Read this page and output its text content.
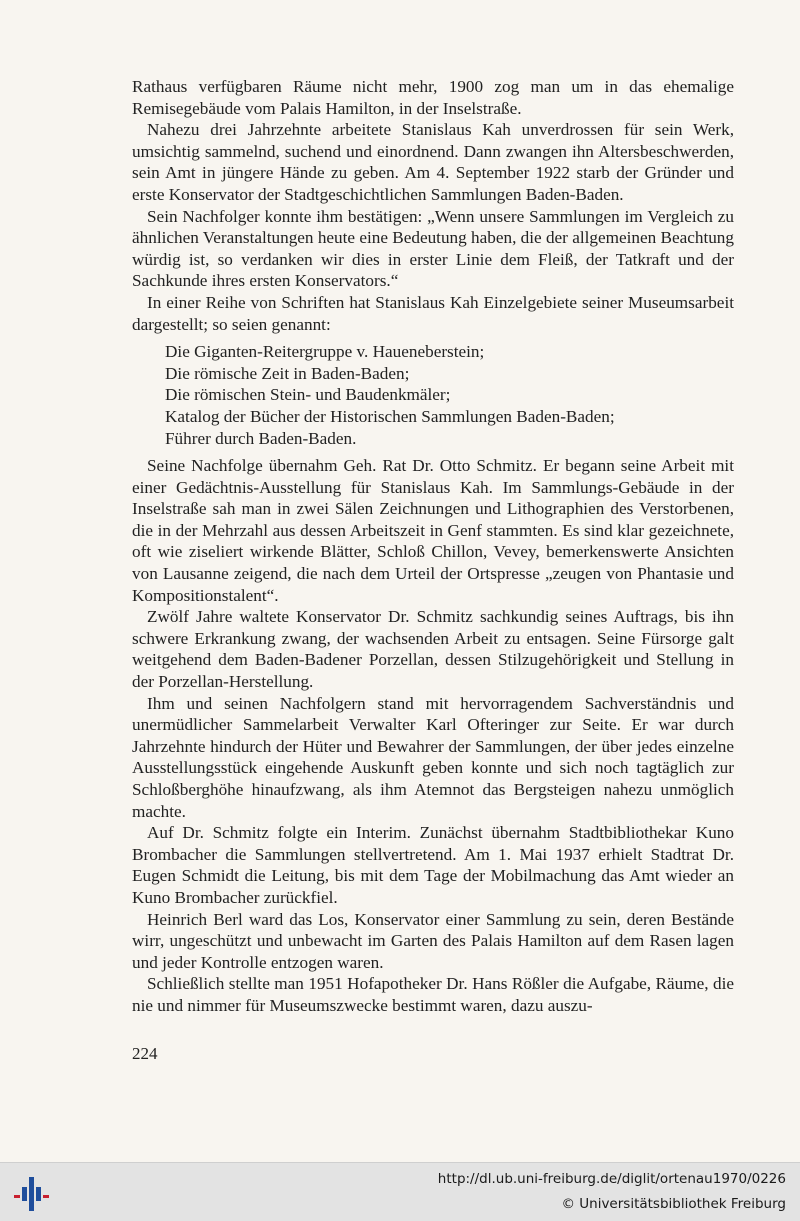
Rathaus verfügbaren Räume nicht mehr, 1900 zog man um in das ehemalige Remisegebäude vom Palais Hamilton, in der Inselstraße.

Nahezu drei Jahrzehnte arbeitete Stanislaus Kah unverdrossen für sein Werk, umsichtig sammelnd, suchend und einordnend. Dann zwangen ihn Altersbeschwerden, sein Amt in jüngere Hände zu geben. Am 4. September 1922 starb der Gründer und erste Konservator der Stadtgeschichtlichen Sammlungen Baden-Baden.

Sein Nachfolger konnte ihm bestätigen: „Wenn unsere Sammlungen im Vergleich zu ähnlichen Veranstaltungen heute eine Bedeutung haben, die der allgemeinen Beachtung würdig ist, so verdanken wir dies in erster Linie dem Fleiß, der Tatkraft und der Sachkunde ihres ersten Konservators.“

In einer Reihe von Schriften hat Stanislaus Kah Einzelgebiete seiner Museumsarbeit dargestellt; so seien genannt:

Die Giganten-Reitergruppe v. Haueneberstein;
Die römische Zeit in Baden-Baden;
Die römischen Stein- und Baudenkmäler;
Katalog der Bücher der Historischen Sammlungen Baden-Baden;
Führer durch Baden-Baden.

Seine Nachfolge übernahm Geh. Rat Dr. Otto Schmitz. Er begann seine Arbeit mit einer Gedächtnis-Ausstellung für Stanislaus Kah. Im Sammlungs-Gebäude in der Inselstraße sah man in zwei Sälen Zeichnungen und Lithographien des Verstorbenen, die in der Mehrzahl aus dessen Arbeitszeit in Genf stammten. Es sind klar gezeichnete, oft wie ziseliert wirkende Blätter, Schloß Chillon, Vevey, bemerkenswerte Ansichten von Lausanne zeigend, die nach dem Urteil der Ortspresse „zeugen von Phantasie und Kompositionstalent“.

Zwölf Jahre waltete Konservator Dr. Schmitz sachkundig seines Auftrags, bis ihn schwere Erkrankung zwang, der wachsenden Arbeit zu entsagen. Seine Fürsorge galt weitgehend dem Baden-Badener Porzellan, dessen Stilzugehörigkeit und Stellung in der Porzellan-Herstellung.

Ihm und seinen Nachfolgern stand mit hervorragendem Sachverständnis und unermüdlicher Sammelarbeit Verwalter Karl Ofteringer zur Seite. Er war durch Jahrzehnte hindurch der Hüter und Bewahrer der Sammlungen, der über jedes einzelne Ausstellungsstück eingehende Auskunft geben konnte und sich noch tagtäglich zur Schloßberghöhe hinaufzwang, als ihm Atemnot das Bergsteigen nahezu unmöglich machte.

Auf Dr. Schmitz folgte ein Interim. Zunächst übernahm Stadtbibliothekar Kuno Brombacher die Sammlungen stellvertretend. Am 1. Mai 1937 erhielt Stadtrat Dr. Eugen Schmidt die Leitung, bis mit dem Tage der Mobilmachung das Amt wieder an Kuno Brombacher zurückfiel.

Heinrich Berl ward das Los, Konservator einer Sammlung zu sein, deren Bestände wirr, ungeschützt und unbewacht im Garten des Palais Hamilton auf dem Rasen lagen und jeder Kontrolle entzogen waren.

Schließlich stellte man 1951 Hofapotheker Dr. Hans Rößler die Aufgabe, Räume, die nie und nimmer für Museumszwecke bestimmt waren, dazu auszu-

224
http://dl.ub.uni-freiburg.de/diglit/ortenau1970/0226
© Universitätsbibliothek Freiburg
